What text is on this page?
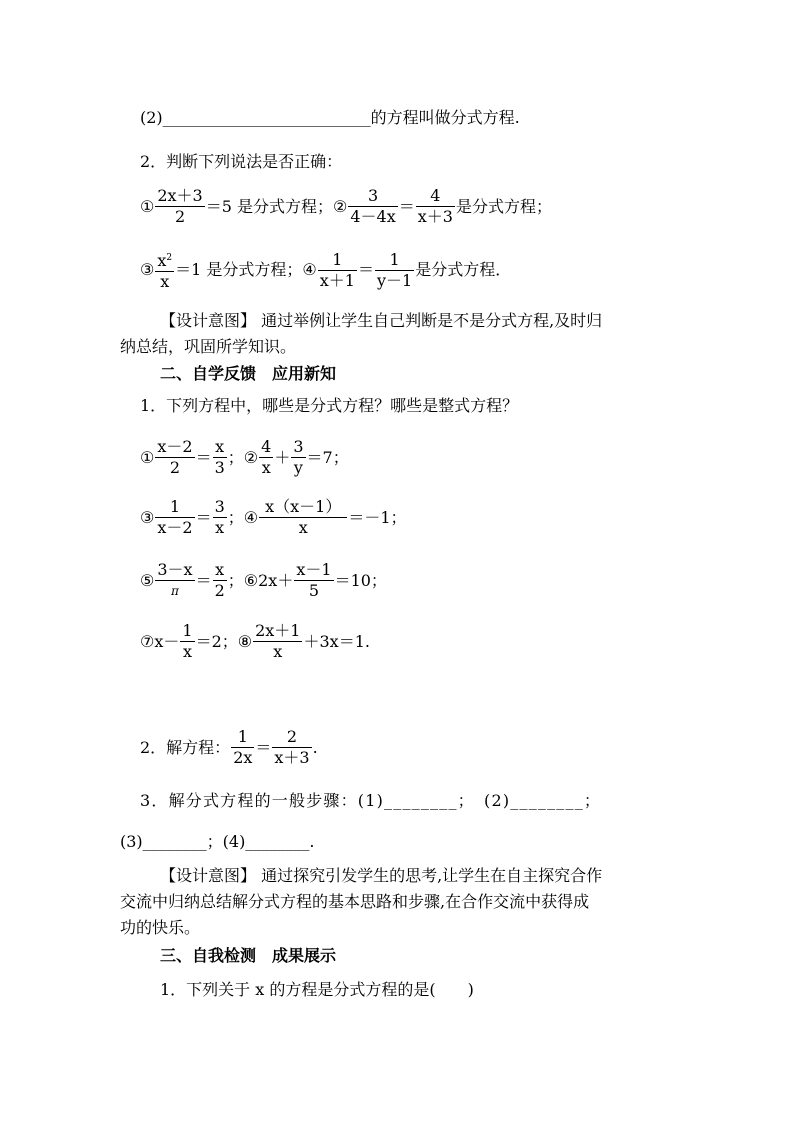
(2)__________________________的方程叫做分式方程.
2．判断下列说法是否正确：
① $\frac{2x+3}{2} =5$ 是分式方程； ② $\frac{3}{4-4x} = \frac{4}{x+3}$ 是分式方程；
③ $\frac{x^2}{x} =1$ 是分式方程； ④ $\frac{1}{x+1} = \frac{1}{y-1}$ 是分式方程．
【设计意图】 通过举例让学生自己判断是不是分式方程,及时归
纳总结，巩固所学知识。
二、自学反馈　应用新知
1．下列方程中，哪些是分式方程？哪些是整式方程？
① $\frac{x-2}{2} = \frac{x}{3}$ ； ② $\frac{4}{x} + \frac{3}{y} =7$；
③ $\frac{1}{x-2} = \frac{3}{x}$ ； ④ $\frac{x(x-1)}{x} =-1$；
⑤ $\frac{3-x}{\pi} = \frac{x}{2}$ ； ⑥ $2x+ \frac{x-1}{5} =10$；
⑦ $x- \frac{1}{x} =2$； ⑧ $\frac{2x+1}{x} +3x=1$.
2．解方程： $\frac{1}{2x} = \frac{2}{x+3}$ .
3．解分式方程的一般步骤：(1)________；　(2)________；
(3)________；(4)________.
【设计意图】 通过探究引发学生的思考,让学生在自主探究合作
交流中归纳总结解分式方程的基本思路和步骤,在合作交流中获得成
功的快乐。
三、自我检测　成果展示
1．下列关于 x 的方程是分式方程的是(　　)
